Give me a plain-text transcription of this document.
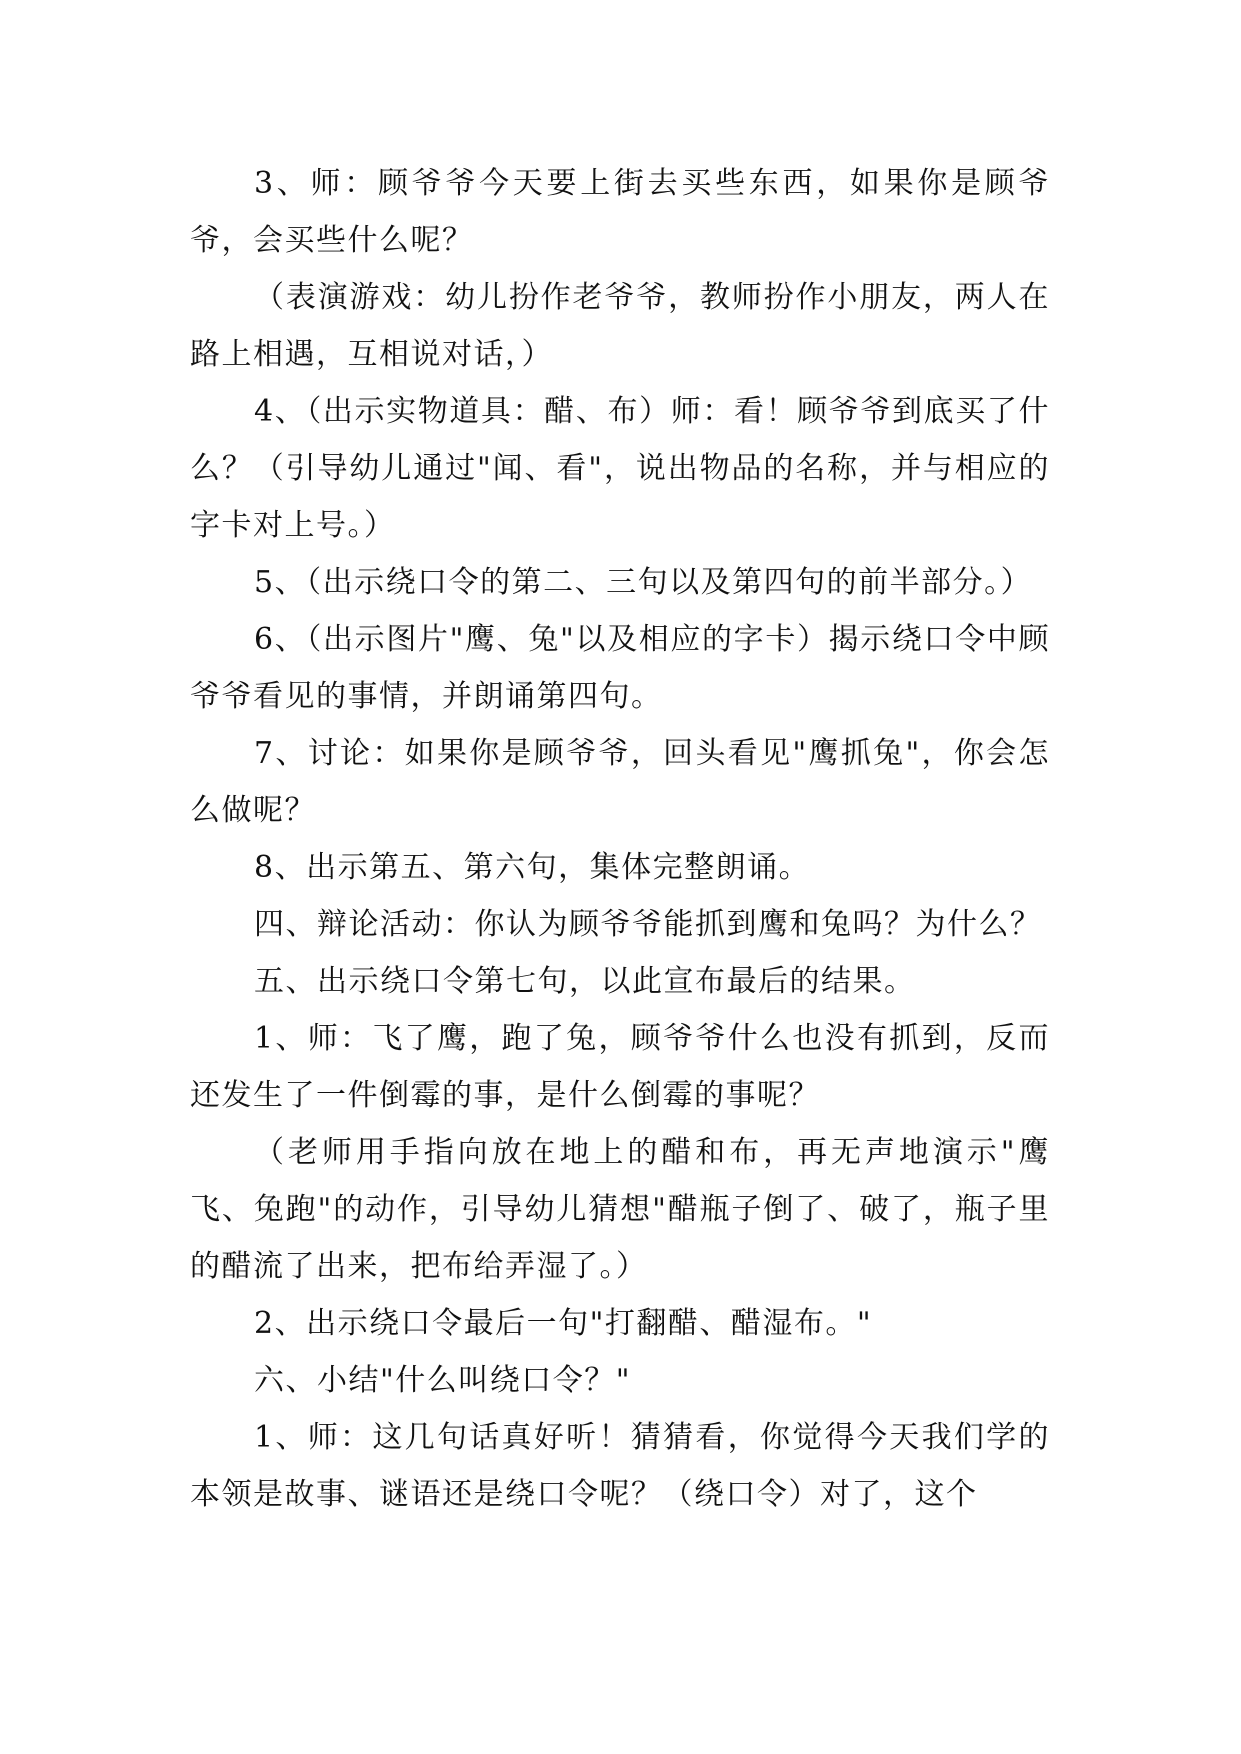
3、师：顾爷爷今天要上街去买些东西，如果你是顾爷爷，会买些什么呢？

（表演游戏：幼儿扮作老爷爷，教师扮作小朋友，两人在路上相遇，互相说对话，）

4、（出示实物道具：醋、布）师：看！顾爷爷到底买了什么？（引导幼儿通过"闻、看"，说出物品的名称，并与相应的字卡对上号。）

5、（出示绕口令的第二、三句以及第四句的前半部分。）

6、（出示图片"鹰、兔"以及相应的字卡）揭示绕口令中顾爷爷看见的事情，并朗诵第四句。

7、讨论：如果你是顾爷爷，回头看见"鹰抓兔"，你会怎么做呢？

8、出示第五、第六句，集体完整朗诵。

四、辩论活动：你认为顾爷爷能抓到鹰和兔吗？为什么？

五、出示绕口令第七句，以此宣布最后的结果。

1、师：飞了鹰，跑了兔，顾爷爷什么也没有抓到，反而还发生了一件倒霉的事，是什么倒霉的事呢？

（老师用手指向放在地上的醋和布，再无声地演示"鹰飞、兔跑"的动作，引导幼儿猜想"醋瓶子倒了、破了，瓶子里的醋流了出来，把布给弄湿了。）

2、出示绕口令最后一句"打翻醋、醋湿布。"

六、小结"什么叫绕口令？"

1、师：这几句话真好听！猜猜看，你觉得今天我们学的本领是故事、谜语还是绕口令呢？（绕口令）对了，这个
